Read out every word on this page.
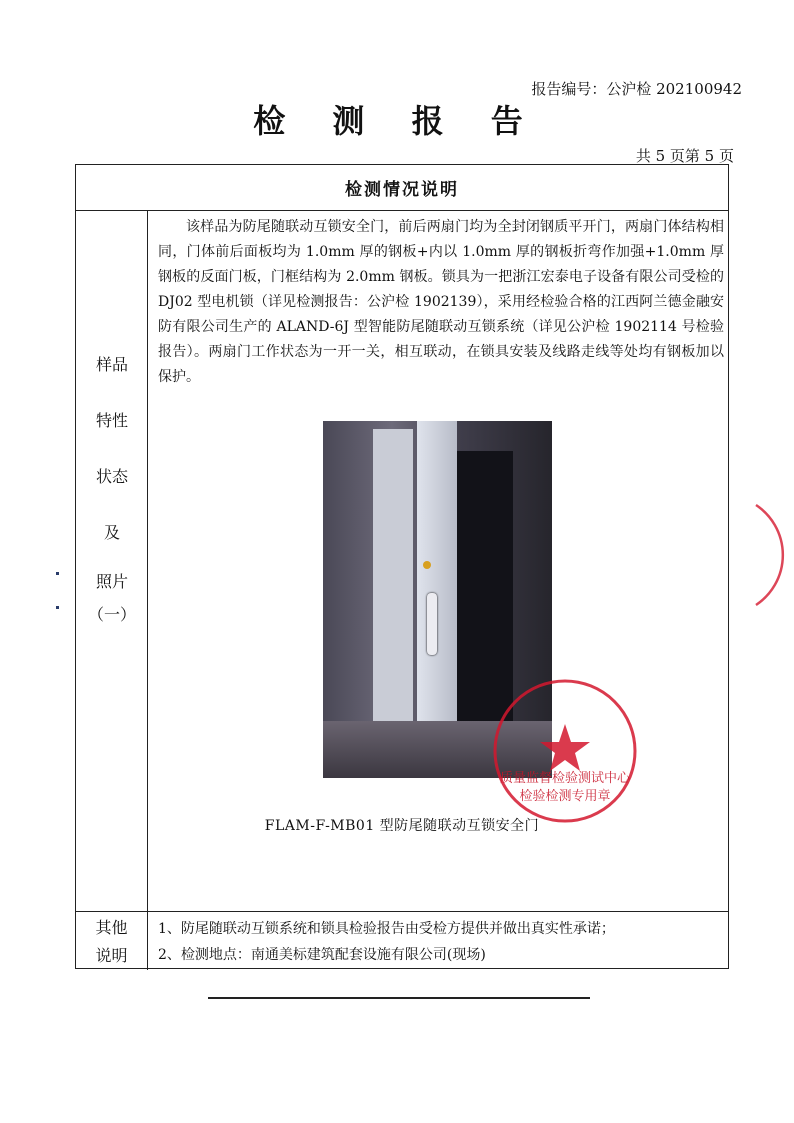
报告编号：公沪检 202100942
检 测 报 告
共 5 页第 5 页
检测情况说明
样品
特性
状态
及
照片
（一）
该样品为防尾随联动互锁安全门，前后两扇门均为全封闭钢质平开门，两扇门体结构相同，门体前后面板均为 1.0mm 厚的钢板+内以 1.0mm 厚的钢板折弯作加强+1.0mm 厚钢板的反面门板，门框结构为 2.0mm 钢板。锁具为一把浙江宏泰电子设备有限公司受检的 DJ02 型电机锁（详见检测报告：公沪检 1902139），采用经检验合格的江西阿兰德金融安防有限公司生产的 ALAND-6J 型智能防尾随联动互锁系统（详见公沪检 1902114 号检验报告）。两扇门工作状态为一开一关，相互联动，在锁具安装及线路走线等处均有钢板加以保护。
FLAM-F-MB01 型防尾随联动互锁安全门
其他
说明
1、防尾随联动互锁系统和锁具检验报告由受检方提供并做出真实性承诺；
2、检测地点：南通美标建筑配套设施有限公司(现场)
质量监督检验测试中心
检验检测专用章
